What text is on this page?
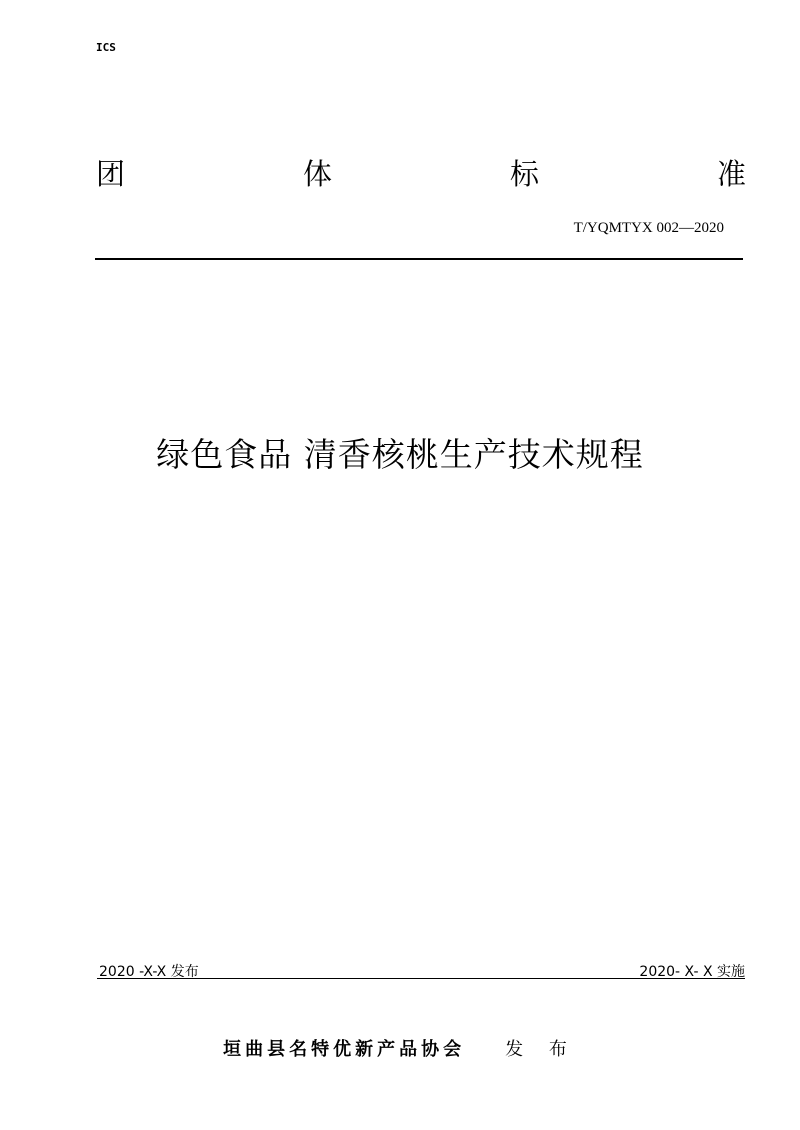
ICS
团	体	标	准
T/YQMTYX 002—2020
绿色食品 清香核桃生产技术规程
2020 -X-X 发布	2020- X- X 实施
垣曲县名特优新产品协会 发 布
